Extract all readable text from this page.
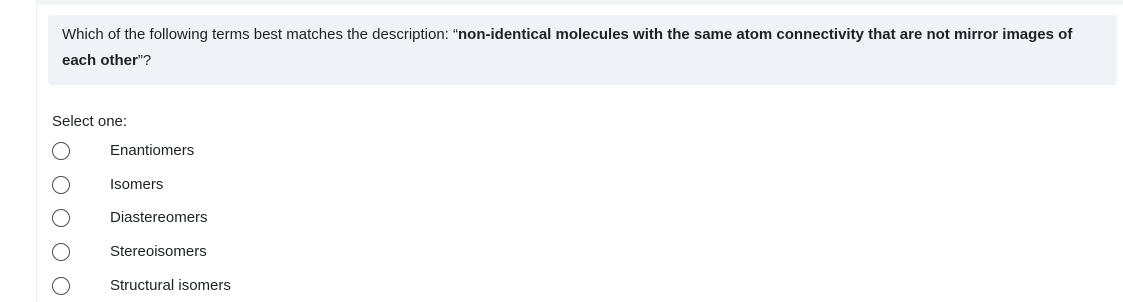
Which of the following terms best matches the description: “non-identical molecules with the same atom connectivity that are not mirror images of each other”?
Select one:
Enantiomers
Isomers
Diastereomers
Stereoisomers
Structural isomers
